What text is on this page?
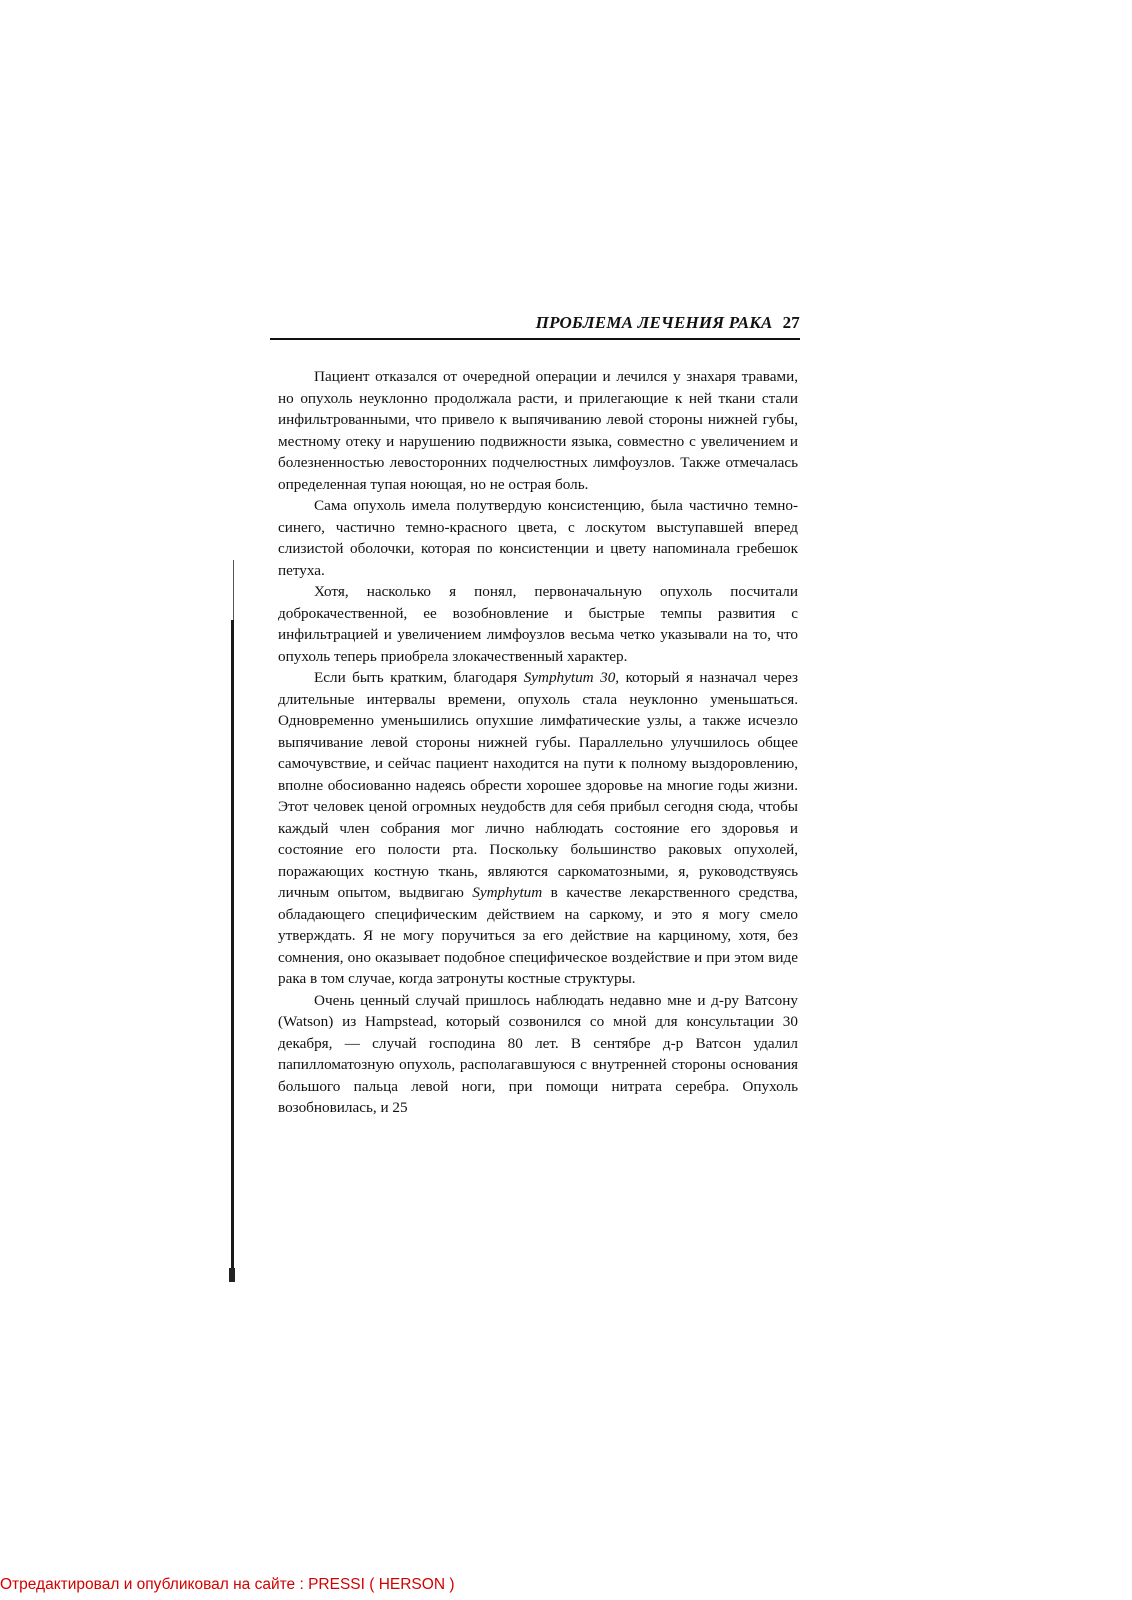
ПРОБЛЕМА ЛЕЧЕНИЯ РАКА 27

Пациент отказался от очередной операции и лечился у знахаря травами, но опухоль неуклонно продолжала расти, и прилегающие к ней ткани стали инфильтрованными, что привело к выпячиванию левой стороны нижней губы, местному отеку и нарушению подвижности языка, совместно с увеличением и болезненностью левосторонних подчелюстных лимфоузлов. Также отмечалась определенная тупая ноющая, но не острая боль.

Сама опухоль имела полутвердую консистенцию, была частично темно-синего, частично темно-красного цвета, с лоскутом выступавшей вперед слизистой оболочки, которая по консистенции и цвету напоминала гребешок петуха.

Хотя, насколько я понял, первоначальную опухоль посчитали доброкачественной, ее возобновление и быстрые темпы развития с инфильтрацией и увеличением лимфоузлов весьма четко указывали на то, что опухоль теперь приобрела злокачественный характер.

Если быть кратким, благодаря Symphytum 30, который я назначал через длительные интервалы времени, опухоль стала неуклонно уменьшаться. Одновременно уменьшились опухшие лимфатические узлы, а также исчезло выпячивание левой стороны нижней губы. Параллельно улучшилось общее самочувствие, и сейчас пациент находится на пути к полному выздоровлению, вполне обосиованно надеясь обрести хорошее здоровье на многие годы жизни. Этот человек ценой огромных неудобств для себя прибыл сегодня сюда, чтобы каждый член собрания мог лично наблюдать состояние его здоровья и состояние его полости рта. Поскольку большинство раковых опухолей, поражающих костную ткань, являются саркоматозными, я, руководствуясь личным опытом, выдвигаю Symphytum в качестве лекарственного средства, обладающего специфическим действием на саркому, и это я могу смело утверждать. Я не могу поручиться за его действие на карциному, хотя, без сомнения, оно оказывает подобное специфическое воздействие и при этом виде рака в том случае, когда затронуты костные структуры.

Очень ценный случай пришлось наблюдать недавно мне и д-ру Ватсону (Watson) из Hampstead, который созвонился со мной для консультации 30 декабря, — случай господина 80 лет. В сентябре д-р Ватсон удалил папилломатозную опухоль, располагавшуюся с внутренней стороны основания большого пальца левой ноги, при помощи нитрата серебра. Опухоль возобновилась, и 25

Отредактировал и опубликовал на сайте : PRESSI ( HERSON )
